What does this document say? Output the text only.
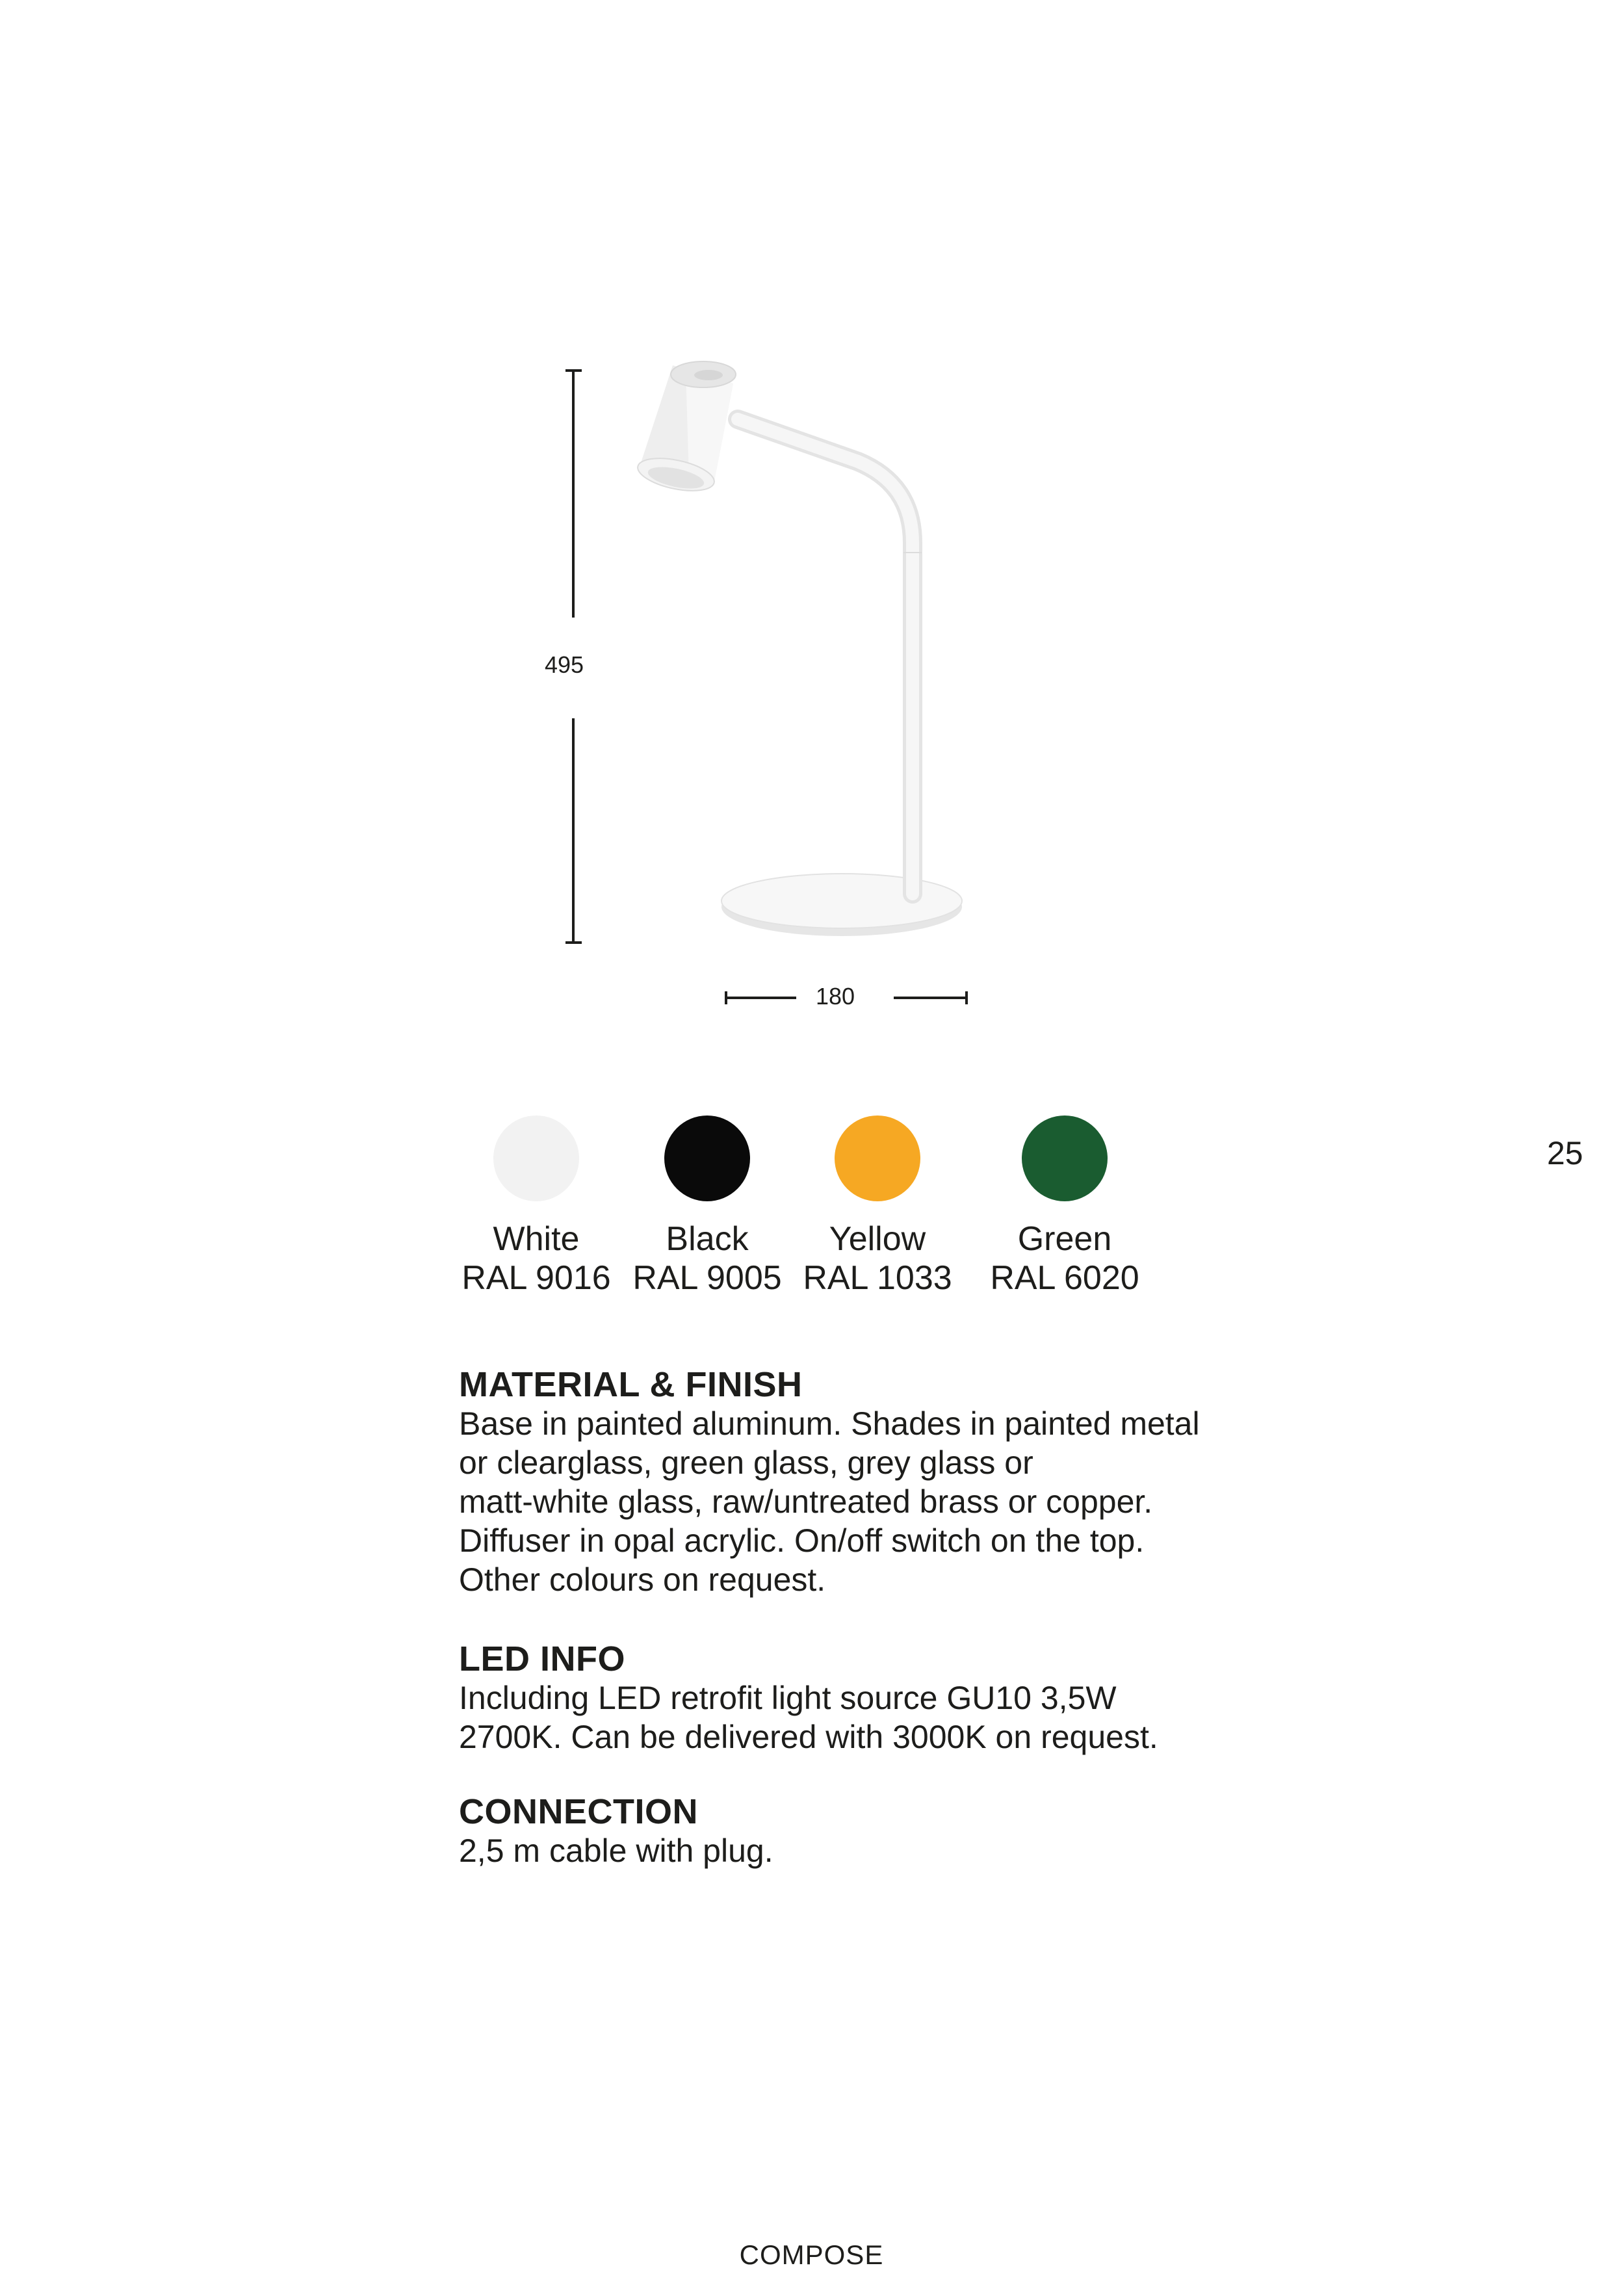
495
180
White
RAL 9016
Black
RAL 9005
Yellow
RAL 1033
Green
RAL 6020
MATERIAL & FINISH
Base in painted aluminum. Shades in painted metal
or clearglass, green glass, grey glass or
matt-white glass, raw/untreated brass or copper.
Diffuser in opal acrylic. On/off switch on the top.
Other colours on request.
LED INFO
Including LED retrofit light source GU10 3,5W
2700K. Can be delivered with 3000K on request.
CONNECTION
2,5 m cable with plug.
25
COMPOSE
